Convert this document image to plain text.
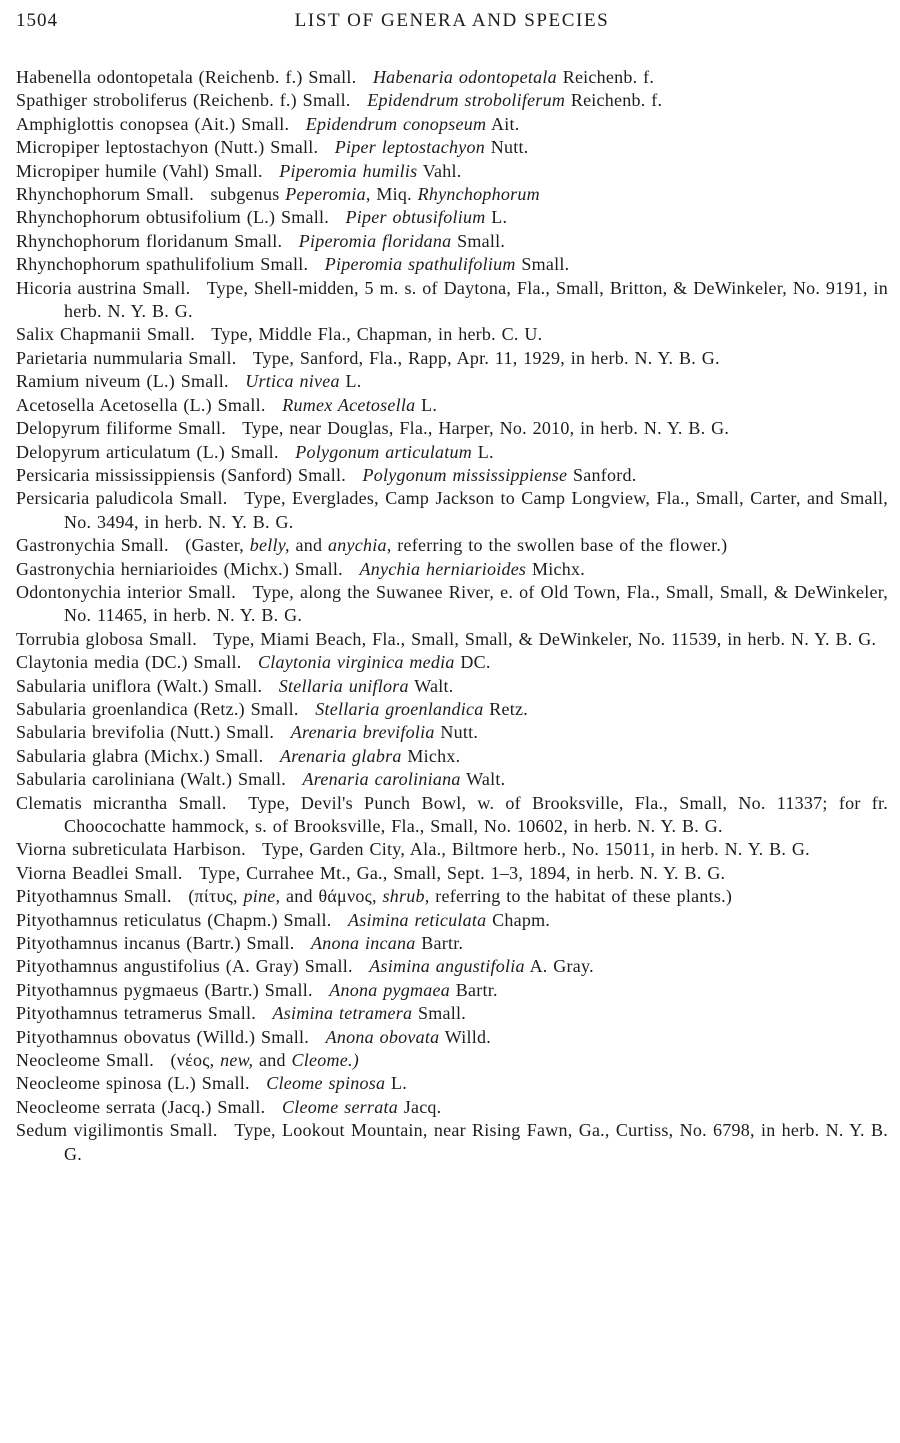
1504	LIST OF GENERA AND SPECIES
Habenella odontopetala (Reichenb. f.) Small. Habenaria odontopetala Reichenb. f.
Spathiger stroboliferus (Reichenb. f.) Small. Epidendrum stroboliferum Reichenb. f.
Amphiglottis conopsea (Ait.) Small. Epidendrum conopseum Ait.
Micropiper leptostachyon (Nutt.) Small. Piper leptostachyon Nutt.
Micropiper humile (Vahl) Small. Piperomia humilis Vahl.
Rhynchophorum Small. subgenus Peperomia, Miq. Rhynchophorum
Rhynchophorum obtusifolium (L.) Small. Piper obtusifolium L.
Rhynchophorum floridanum Small. Piperomia floridana Small.
Rhynchophorum spathulifolium Small. Piperomia spathulifolium Small.
Hicoria austrina Small. Type, Shell-midden, 5 m. s. of Daytona, Fla., Small, Britton, & DeWinkeler, No. 9191, in herb. N. Y. B. G.
Salix Chapmanii Small. Type, Middle Fla., Chapman, in herb. C. U.
Parietaria nummularia Small. Type, Sanford, Fla., Rapp, Apr. 11, 1929, in herb. N. Y. B. G.
Ramium niveum (L.) Small. Urtica nivea L.
Acetosella Acetosella (L.) Small. Rumex Acetosella L.
Delopyrum filiforme Small. Type, near Douglas, Fla., Harper, No. 2010, in herb. N. Y. B. G.
Delopyrum articulatum (L.) Small. Polygonum articulatum L.
Persicaria mississippiensis (Sanford) Small. Polygonum mississippiense Sanford.
Persicaria paludicola Small. Type, Everglades, Camp Jackson to Camp Longview, Fla., Small, Carter, and Small, No. 3494, in herb. N. Y. B. G.
Gastronychia Small. (Gaster, belly, and anychia, referring to the swollen base of the flower.)
Gastronychia herniarioides (Michx.) Small. Anychia herniarioides Michx.
Odontonychia interior Small. Type, along the Suwanee River, e. of Old Town, Fla., Small, Small, & DeWinkeler, No. 11465, in herb. N. Y. B. G.
Torrubia globosa Small. Type, Miami Beach, Fla., Small, Small, & DeWinkeler, No. 11539, in herb. N. Y. B. G.
Claytonia media (DC.) Small. Claytonia virginica media DC.
Sabularia uniflora (Walt.) Small. Stellaria uniflora Walt.
Sabularia groenlandica (Retz.) Small. Stellaria groenlandica Retz.
Sabularia brevifolia (Nutt.) Small. Arenaria brevifolia Nutt.
Sabularia glabra (Michx.) Small. Arenaria glabra Michx.
Sabularia caroliniana (Walt.) Small. Arenaria caroliniana Walt.
Clematis micrantha Small. Type, Devil's Punch Bowl, w. of Brooksville, Fla., Small, No. 11337; for fr. Choocochatte hammock, s. of Brooksville, Fla., Small, No. 10602, in herb. N. Y. B. G.
Viorna subreticulata Harbison. Type, Garden City, Ala., Biltmore herb., No. 15011, in herb. N. Y. B. G.
Viorna Beadlei Small. Type, Currahee Mt., Ga., Small, Sept. 1–3, 1894, in herb. N. Y. B. G.
Pityothamnus Small. (πίτυς, pine, and θάμνος, shrub, referring to the habitat of these plants.)
Pityothamnus reticulatus (Chapm.) Small. Asimina reticulata Chapm.
Pityothamnus incanus (Bartr.) Small. Anona incana Bartr.
Pityothamnus angustifolius (A. Gray) Small. Asimina angustifolia A. Gray.
Pityothamnus pygmaeus (Bartr.) Small. Anona pygmaea Bartr.
Pityothamnus tetramerus Small. Asimina tetramera Small.
Pityothamnus obovatus (Willd.) Small. Anona obovata Willd.
Neocleome Small. (νέος, new, and Cleome.)
Neocleome spinosa (L.) Small. Cleome spinosa L.
Neocleome serrata (Jacq.) Small. Cleome serrata Jacq.
Sedum vigilimontis Small. Type, Lookout Mountain, near Rising Fawn, Ga., Curtiss, No. 6798, in herb. N. Y. B. G.
